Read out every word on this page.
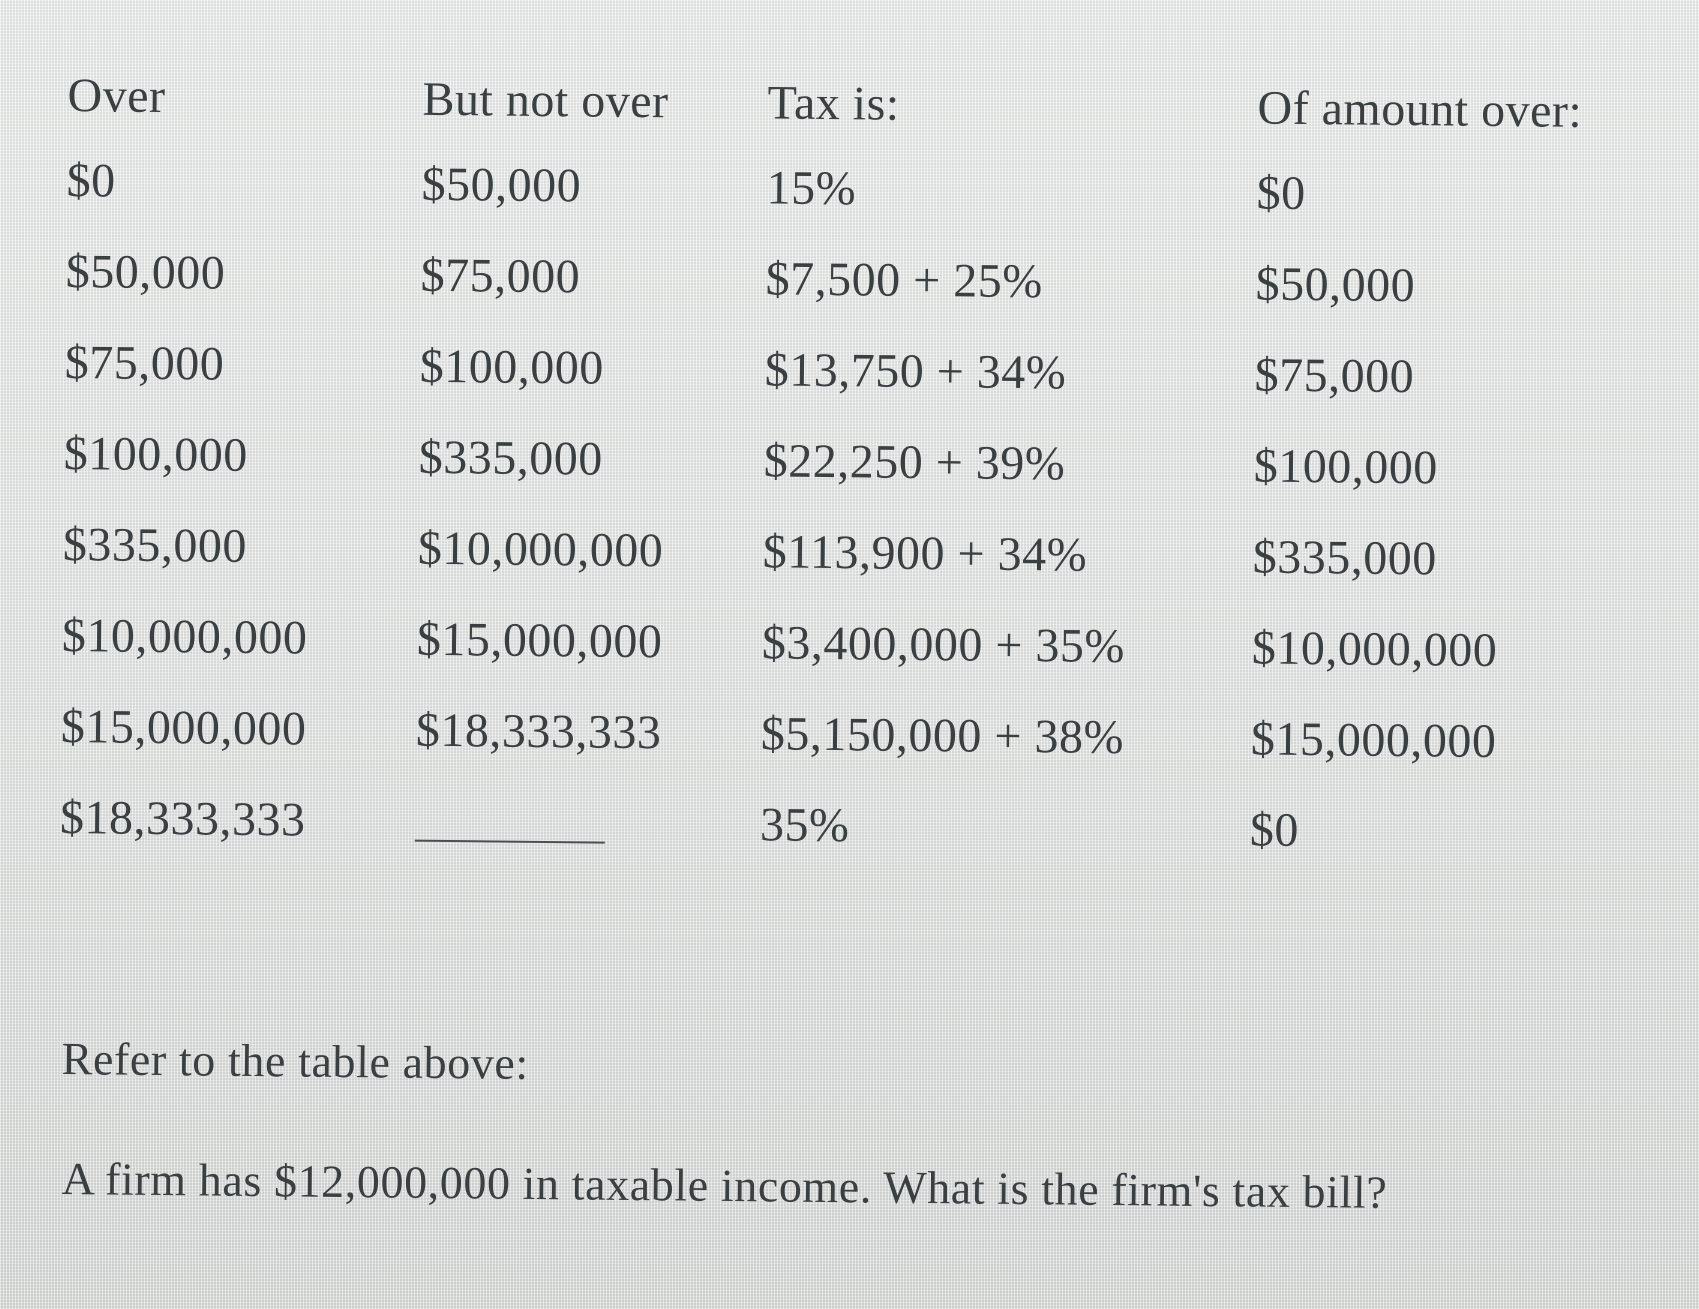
Over	But not over	Tax is:	Of amount over:
$0	$50,000	15%	$0
$50,000	$75,000	$7,500 + 25%	$50,000
$75,000	$100,000	$13,750 + 34%	$75,000
$100,000	$335,000	$22,250 + 39%	$100,000
$335,000	$10,000,000	$113,900 + 34%	$335,000
$10,000,000	$15,000,000	$3,400,000 + 35%	$10,000,000
$15,000,000	$18,333,333	$5,150,000 + 38%	$15,000,000
$18,333,333		35%	$0
Refer to the table above:
A firm has $12,000,000 in taxable income. What is the firm's tax bill?
